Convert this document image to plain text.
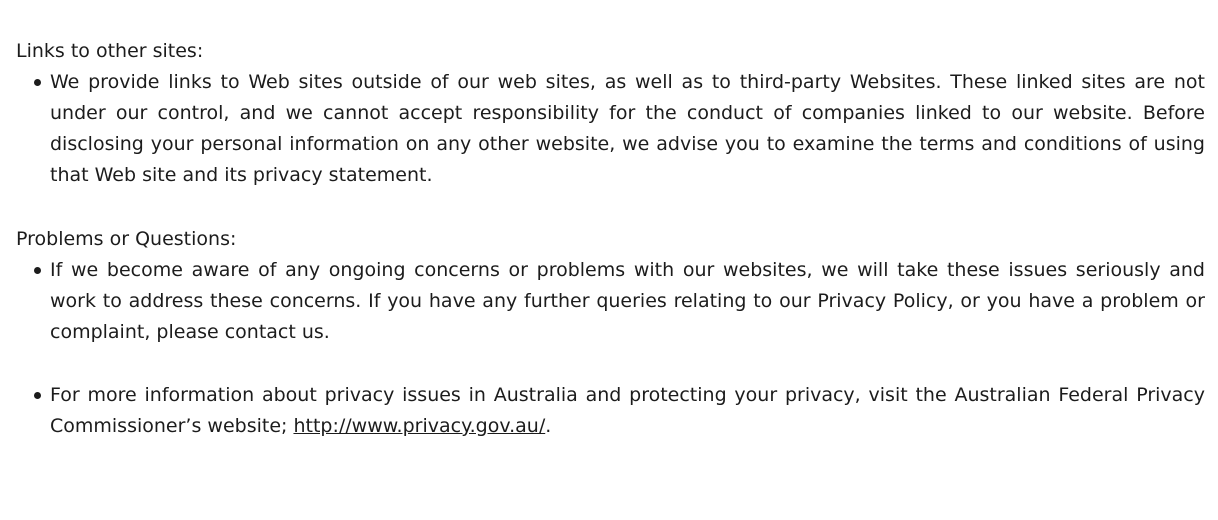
Links to other sites:

We provide links to Web sites outside of our web sites, as well as to third-party Websites. These linked sites are not under our control, and we cannot accept responsibility for the conduct of companies linked to our website. Before disclosing your personal information on any other website, we advise you to examine the terms and conditions of using that Web site and its privacy statement.

Problems or Questions:

If we become aware of any ongoing concerns or problems with our websites, we will take these issues seriously and work to address these concerns. If you have any further queries relating to our Privacy Policy, or you have a problem or complaint, please contact us.

For more information about privacy issues in Australia and protecting your privacy, visit the Australian Federal Privacy Commissioner’s website; http://www.privacy.gov.au/.
